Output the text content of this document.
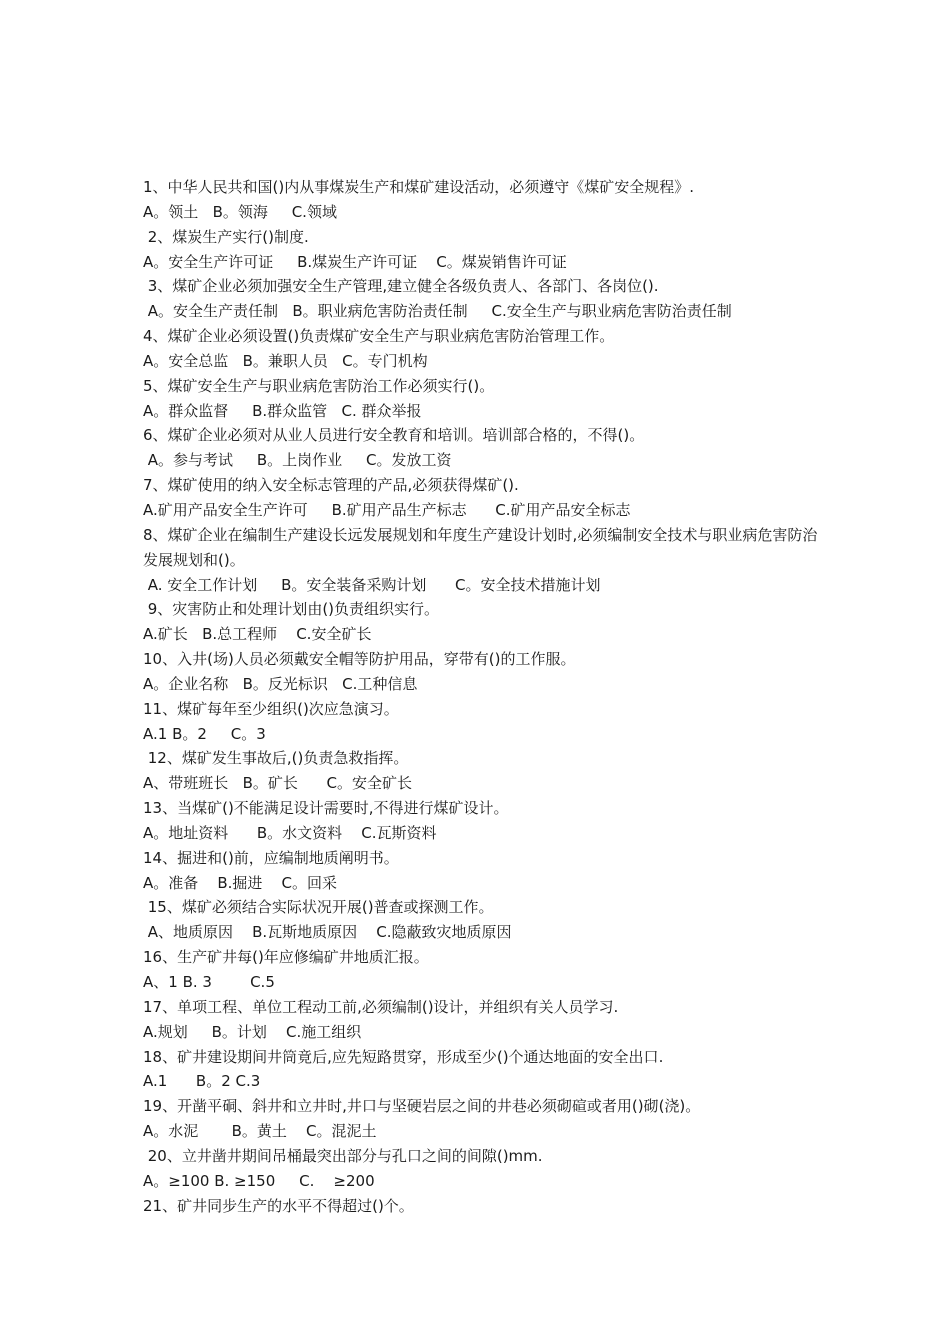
1、中华人民共和国()内从事煤炭生产和煤矿建设活动，必须遵守《煤矿安全规程》.
A。领土   B。领海     C.领域
2、煤炭生产实行()制度.
A。安全生产许可证     B.煤炭生产许可证    C。煤炭销售许可证
3、煤矿企业必须加强安全生产管理,建立健全各级负责人、各部门、各岗位().
A。安全生产责任制   B。职业病危害防治责任制     C.安全生产与职业病危害防治责任制
4、煤矿企业必须设置()负责煤矿安全生产与职业病危害防治管理工作。
A。安全总监   B。兼职人员   C。专门机构
5、煤矿安全生产与职业病危害防治工作必须实行()。
A。群众监督     B.群众监管   C. 群众举报
6、煤矿企业必须对从业人员进行安全教育和培训。培训部合格的，不得()。
A。参与考试     B。上岗作业     C。发放工资
7、煤矿使用的纳入安全标志管理的产品,必须获得煤矿().
A.矿用产品安全生产许可     B.矿用产品生产标志      C.矿用产品安全标志
8、煤矿企业在编制生产建设长远发展规划和年度生产建设计划时,必须编制安全技术与职业病危害防治发展规划和()。
A. 安全工作计划     B。安全装备采购计划      C。安全技术措施计划
9、灾害防止和处理计划由()负责组织实行。
A.矿长   B.总工程师    C.安全矿长
10、入井(场)人员必须戴安全帽等防护用品，穿带有()的工作服。
A。企业名称   B。反光标识   C.工种信息
11、煤矿每年至少组织()次应急演习。
A.1 B。2     C。3
12、煤矿发生事故后,()负责急救指挥。
A、带班班长   B。矿长      C。安全矿长
13、当煤矿()不能满足设计需要时,不得进行煤矿设计。
A。地址资料      B。水文资料    C.瓦斯资料
14、掘进和()前，应编制地质阐明书。
A。准备    B.掘进    C。回采
15、煤矿必须结合实际状况开展()普查或探测工作。
A、地质原因    B.瓦斯地质原因    C.隐蔽致灾地质原因
16、生产矿井每()年应修编矿井地质汇报。
A、1 B. 3        C.5
17、单项工程、单位工程动工前,必须编制()设计，并组织有关人员学习.
A.规划     B。计划    C.施工组织
18、矿井建设期间井筒竟后,应先短路贯穿，形成至少()个通达地面的安全出口.
A.1      B。2 C.3
19、开凿平硐、斜井和立井时,井口与坚硬岩层之间的井巷必须砌碹或者用()砌(浇)。
A。水泥       B。黄土    C。混泥土
20、立井凿井期间吊桶最突出部分与孔口之间的间隙()mm.
A。≥100 B. ≥150     C.    ≥200
21、矿井同步生产的水平不得超过()个。
